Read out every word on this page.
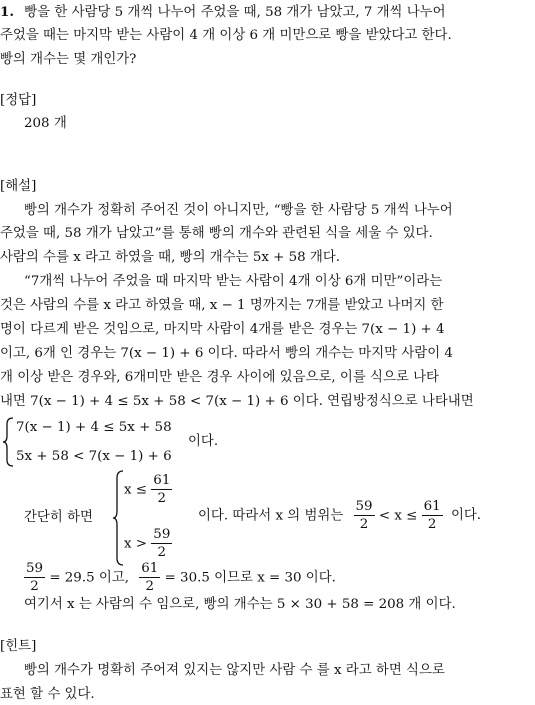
1. 빵을 한 사람당 5 개씩 나누어 주었을 때, 58 개가 남았고, 7 개씩 나누어
주었을 때는 마지막 받는 사람이 4 개 이상 6 개 미만으로 빵을 받았다고 한다.
빵의 개수는 몇 개인가?
[정답]
208 개
[해설]
빵의 개수가 정확히 주어진 것이 아니지만, “빵을 한 사람당 5 개씩 나누어
주었을 때, 58 개가 남았고”를 통해 빵의 개수와 관련된 식을 세울 수 있다.
사람의 수를 x 라고 하였을 때, 빵의 개수는 5x + 58 개다.
“7개씩 나누어 주었을 때 마지막 받는 사람이 4개 이상 6개 미만”이라는
것은 사람의 수를 x 라고 하였을 때, x − 1 명까지는 7개를 받았고 나머지 한
명이 다르게 받은 것임으로, 마지막 사람이 4개를 받은 경우는 7(x − 1) + 4
이고, 6개 인 경우는 7(x − 1) + 6 이다. 따라서 빵의 개수는 마지막 사람이 4
개 이상 받은 경우와, 6개미만 받은 경우 사이에 있음으로, 이를 식으로 나타
내면 7(x − 1) + 4 ≤ 5x + 58 < 7(x − 1) + 6 이다. 연립방정식으로 나타내면
7(x − 1) + 4 ≤ 5x + 58
5x + 58 < 7(x − 1) + 6
이다.
간단히 하면
$x \le \frac{61}{2}$
$x > \frac{59}{2}$
이다. 따라서 x 의 범위는 $\frac{59}{2} < x \le \frac{61}{2}$ 이다.
$\frac{59}{2} = 29.5$ 이고, $\frac{61}{2} = 30.5$ 이므로 x = 30 이다.
여기서 x 는 사람의 수 임으로, 빵의 개수는 5 × 30 + 58 = 208 개 이다.
[힌트]
빵의 개수가 명확히 주어져 있지는 않지만 사람 수 를 x 라고 하면 식으로
표현 할 수 있다.
